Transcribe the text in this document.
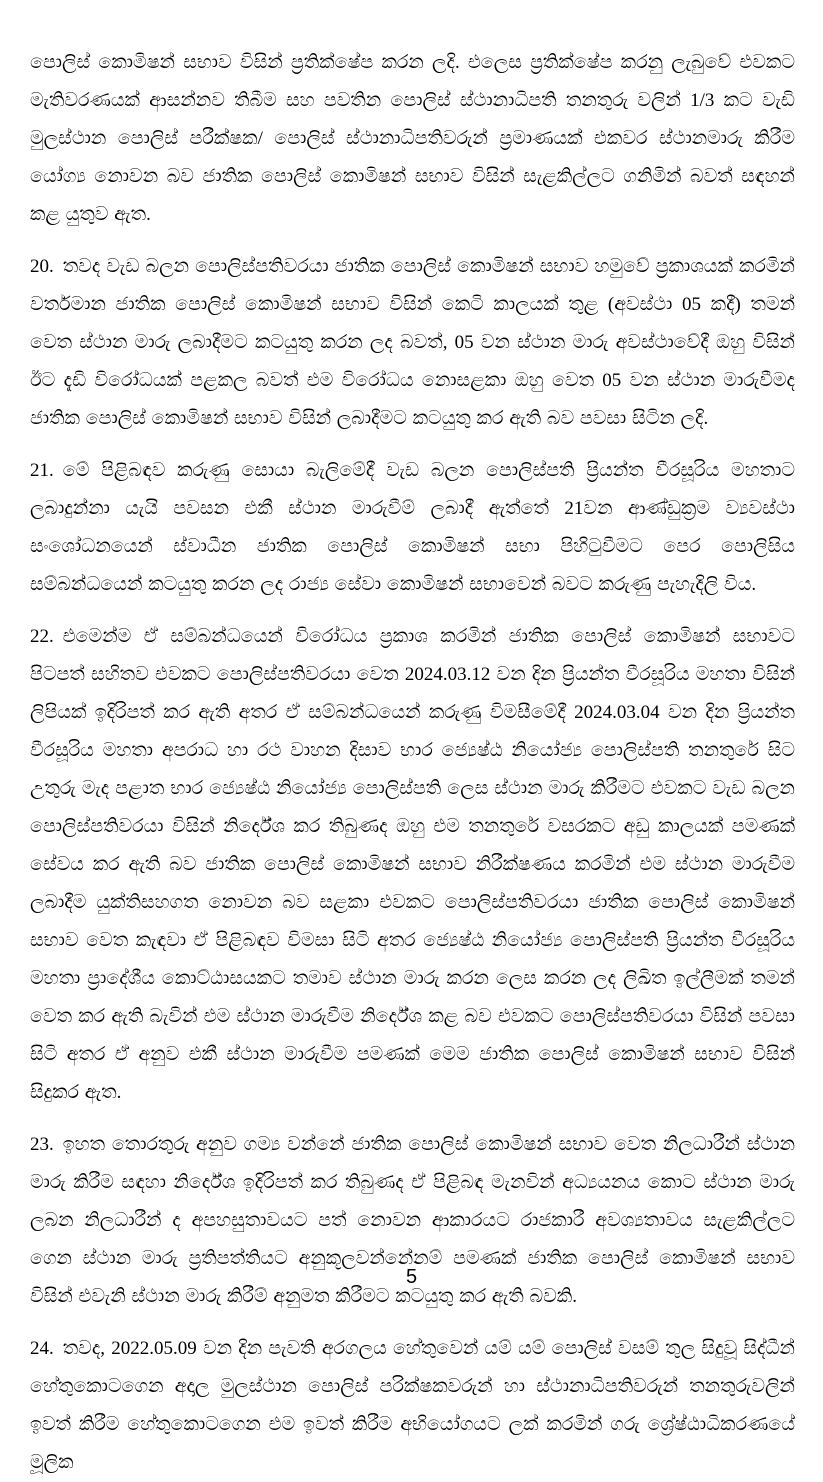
පොලිස් කොමිෂන් සභාව විසින් ප්‍රතික්ෂේප කරන ලදි. එලෙස ප්‍රතික්ෂේප කරනු ලැබුවේ එවකට මැතිවරණයක් ආසන්නව තිබීම සහ පවතින පොලිස් ස්ථානාධිපති තනතුරු වලින් 1/3 කට වැඩි මුලස්ථාන පොලිස් පරීක්ෂක/ පොලිස් ස්ථානාධිපතිවරුන් ප්‍රමාණයක් එකවර ස්ථානමාරු කිරීම යෝග්‍ය නොවන බව ජාතික පොලිස් කොමිෂන් සභාව විසින් සැළකිල්ලට ගනිමින් බවත් සඳහන් කළ යුතුව ඇත.

20. තවද වැඩ බලන පොලිස්පතිවරයා ජාතික පොලිස් කොමිෂන් සභාව හමුවේ ප්‍රකාශයක් කරමින් වර්තමාන ජාතික පොලිස් කොමිෂන් සභාව විසින් කෙටි කාලයක් තුළ (අවස්ථා 05 කදී) තමන් වෙත ස්ථාන මාරු ලබාදීමට කටයුතු කරන ලද බවත්, 05 වන ස්ථාන මාරු අවස්ථාවේදී ඔහු විසින් ඊට දැඩි විරෝධයක් පළකල බවත් එම විරෝධය නොසළකා ඔහු වෙත 05 වන ස්ථාන මාරුවීමද ජාතික පොලිස් කොමිෂන් සභාව විසින් ලබාදීමට කටයුතු කර ඇති බව පවසා සිටින ලදි.

21. මේ පිළිබඳව කරුණු සොයා බැලිමේදී වැඩ බලන පොලිස්පති ප්‍රියන්ත වීරසූරිය මහතාට ලබාදුන්නා යැයි පවසන එකී ස්ථාන මාරුවීම් ලබාදී ඇත්තේ 21වන ආණ්ඩුක්‍රම ව්‍යවස්ථා සංශෝධනයෙන් ස්වාධීන ජාතික පොලිස් කොමිෂන් සභා පිහිටුවීමට පෙර පොලිසිය සම්බන්ධයෙන් කටයුතු කරන ලද රාජ්‍ය සේවා කොමිෂන් සභාවෙන් බවට කරුණු පැහැදිලි විය.

22. එමෙන්ම ඒ සම්බන්ධයෙන් විරෝධය ප්‍රකාශ කරමින් ජාතික පොලිස් කොමිෂන් සභාවට පිටපත් සහිතව එවකට පොලිස්පතිවරයා වෙත 2024.03.12 වන දින ප්‍රියන්ත වීරසූරිය මහතා විසින් ලිපියක් ඉදිරිපත් කර ඇති අතර ඒ සම්බන්ධයෙන් කරුණු විමසීමේදී 2024.03.04 වන දින ප්‍රියන්ත වීරසූරිය මහතා අපරාධ හා රථ වාහන දිසාව භාර ජ්‍යෙෂ්ඨ නියෝජ්‍ය පොලිස්පති තනතුරේ සිට උතුරු මැද පළාත භාර ජ්‍යෙෂ්ඨ නියෝජ්‍ය පොලිස්පති ලෙස ස්ථාන මාරු කිරීමට එවකට වැඩ බලන පොලිස්පතිවරයා විසින් නිර්දේශ කර තිබුණද ඔහු එම තනතුරේ වසරකට අඩු කාලයක් පමණක් සේවය කර ඇති බව ජාතික පොලිස් කොමිෂන් සභාව නිරීක්ෂණය කරමින් එම ස්ථාන මාරුවීම ලබාදීම යුක්තිසහගත නොවන බව සළකා එවකට පොලිස්පතිවරයා ජාතික පොලිස් කොමිෂන් සභාව වෙත කැඳවා ඒ පිළිබඳව විමසා සිටි අතර ජ්‍යෙෂ්ඨ නියෝජ්‍ය පොලිස්පති ප්‍රියන්ත වීරසූරිය මහතා ප්‍රාදේශීය කොට්ඨාසයකට තමාව ස්ථාන මාරු කරන ලෙස කරන ලද ලිඛිත ඉල්ලීමක් තමන් වෙත කර ඇති බැවින් එම ස්ථාන මාරුවීම නිර්දේශ කළ බව එවකට පොලිස්පතිවරයා විසින් පවසා සිටි අතර ඒ අනුව එකී ස්ථාන මාරුවීම පමණක් මෙම ජාතික පොලිස් කොමිෂන් සභාව විසින් සිදුකර ඇත.

23. ඉහත තොරතුරු අනුව ගම්‍ය වන්නේ ජාතික පොලිස් කොමිෂන් සභාව වෙත නිලධාරීන් ස්ථාන මාරු කිරීම සඳහා නිර්දේශ ඉදිරිපත් කර තිබුණද ඒ පිළිබඳ මැනවින් අධ්‍යයනය කොට ස්ථාන මාරු ලබන නිලධාරීන් ද අපහසුතාවයට පත් නොවන ආකාරයට රාජකාරී අවශ්‍යතාවය සැළකිල්ලට ගෙන ස්ථාන මාරු ප්‍රතිපත්තියට අනුකූලවන්නේනම් පමණක් ජාතික පොලිස් කොමිෂන් සභාව විසින් එවැනි ස්ථාන මාරු කිරීම් අනුමත කිරීමට කටයුතු කර ඇති බවකි.

24. තවද, 2022.05.09 වන දින පැවති අරගලය හේතුවෙන් යම් යම් පොලිස් වසම් තුල සිදුවූ සිද්ධීන් හේතුකොටගෙන අදාල මුලස්ථාන පොලිස් පරික්ෂකවරුන් හා ස්ථානාධිපතිවරුන් තනතුරුවලින් ඉවත් කිරීම හේතුකොටගෙන එම ඉවත් කිරීම අභියෝගයට ලක් කරමින් ගරු ශ්‍රේෂ්ඨාධිකරණයේ මූලික

5
